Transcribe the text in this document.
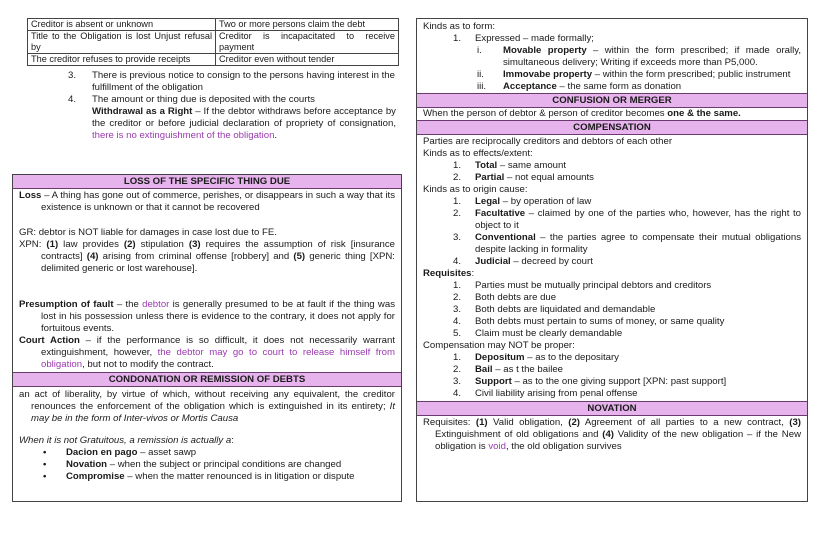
Creditor is absent or unknown	Two or more persons claim the debt
Title to the Obligation is lost Unjust refusal by	Creditor is incapacitated to receive payment
The creditor refuses to provide receipts	Creditor even without tender
3. There is previous notice to consign to the persons having interest in the fulfillment of the obligation
4. The amount or thing due is deposited with the courts
Withdrawal as a Right – If the debtor withdraws before acceptance by the creditor or before judicial declaration of propriety of consignation, there is no extinguishment of the obligation.
LOSS OF THE SPECIFIC THING DUE
Loss – A thing has gone out of commerce, perishes, or disappears in such a way that its existence is unknown or that it cannot be recovered
GR: debtor is NOT liable for damages in case lost due to FE.
XPN: (1) law provides (2) stipulation (3) requires the assumption of risk [insurance contracts] (4) arising from criminal offense [robbery] and (5) generic thing [XPN: delimited generic or lost warehouse].
Presumption of fault – the debtor is generally presumed to be at fault if the thing was lost in his possession unless there is evidence to the contrary, it does not apply for fortuitous events.
Court Action – if the performance is so difficult, it does not necessarily warrant extinguishment, however, the debtor may go to court to release himself from obligation, but not to modify the contract.
CONDONATION OR REMISSION OF DEBTS
an act of liberality, by virtue of which, without receiving any equivalent, the creditor renounces the enforcement of the obligation which is extinguished in its entirety; It may be in the form of Inter-vivos or Mortis Causa
When it is not Gratuitous, a remission is actually a:
• Dacion en pago – asset sawp
• Novation – when the subject or principal conditions are changed
• Compromise – when the matter renounced is in litigation or dispute
Kinds as to form:
1. Expressed – made formally;
i. Movable property – within the form prescribed; if made orally, simultaneous delivery; Writing if exceeds more than P5,000.
ii. Immovabe property – within the form prescribed; public instrument
iii. Acceptance – the same form as donation
CONFUSION OR MERGER
When the person of debtor & person of creditor becomes one & the same.
COMPENSATION
Parties are reciprocally creditors and debtors of each other
Kinds as to effects/extent:
1. Total – same amount
2. Partial – not equal amounts
Kinds as to origin cause:
1. Legal – by operation of law
2. Facultative – claimed by one of the parties who, however, has the right to object to it
3. Conventional – the parties agree to compensate their mutual obligations despite lacking in formality
4. Judicial – decreed by court
Requisites:
1. Parties must be mutually principal debtors and creditors
2. Both debts are due
3. Both debts are liquidated and demandable
4. Both debts must pertain to sums of money, or same quality
5. Claim must be clearly demandable
Compensation may NOT be proper:
1. Depositum – as to the depositary
2. Bail – as t the bailee
3. Support – as to the one giving support [XPN: past support]
4. Civil liability arising from penal offense
NOVATION
Requisites: (1) Valid obligation, (2) Agreement of all parties to a new contract, (3) Extinguishment of old obligations and (4) Validity of the new obligation – if the New obligation is void, the old obligation survives
